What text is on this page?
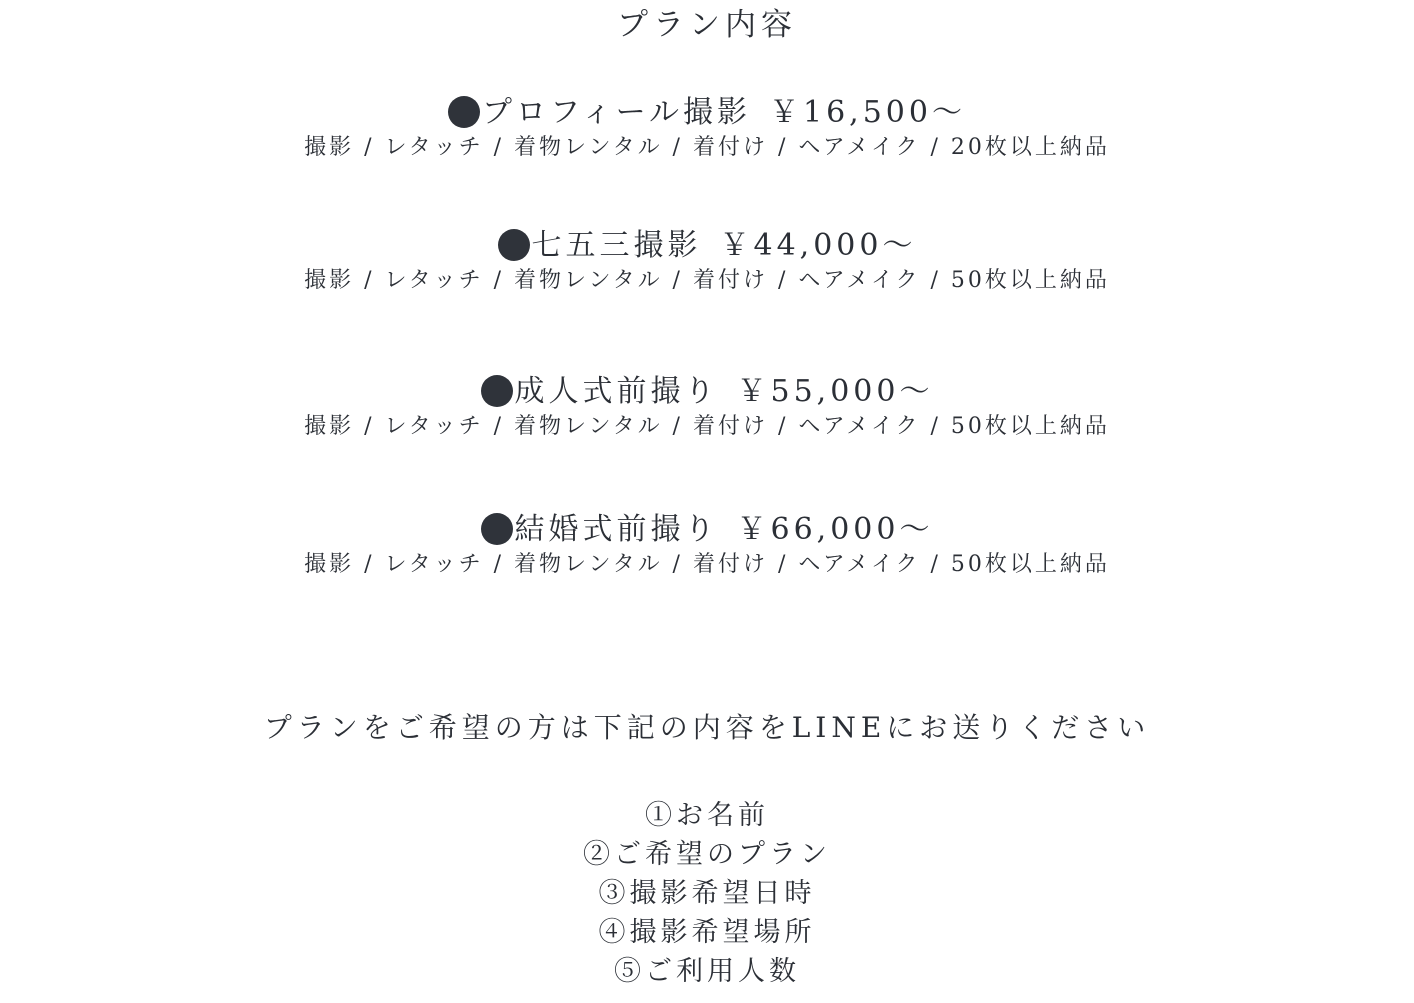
プラン内容
プロフィール撮影 ￥16,500～
撮影 / レタッチ / 着物レンタル / 着付け / ヘアメイク / 20枚以上納品
七五三撮影 ￥44,000～
撮影 / レタッチ / 着物レンタル / 着付け / ヘアメイク / 50枚以上納品
成人式前撮り ￥55,000～
撮影 / レタッチ / 着物レンタル / 着付け / ヘアメイク / 50枚以上納品
結婚式前撮り ￥66,000～
撮影 / レタッチ / 着物レンタル / 着付け / ヘアメイク / 50枚以上納品
プランをご希望の方は下記の内容をLINEにお送りください
①お名前
②ご希望のプラン
③撮影希望日時
④撮影希望場所
⑤ご利用人数
